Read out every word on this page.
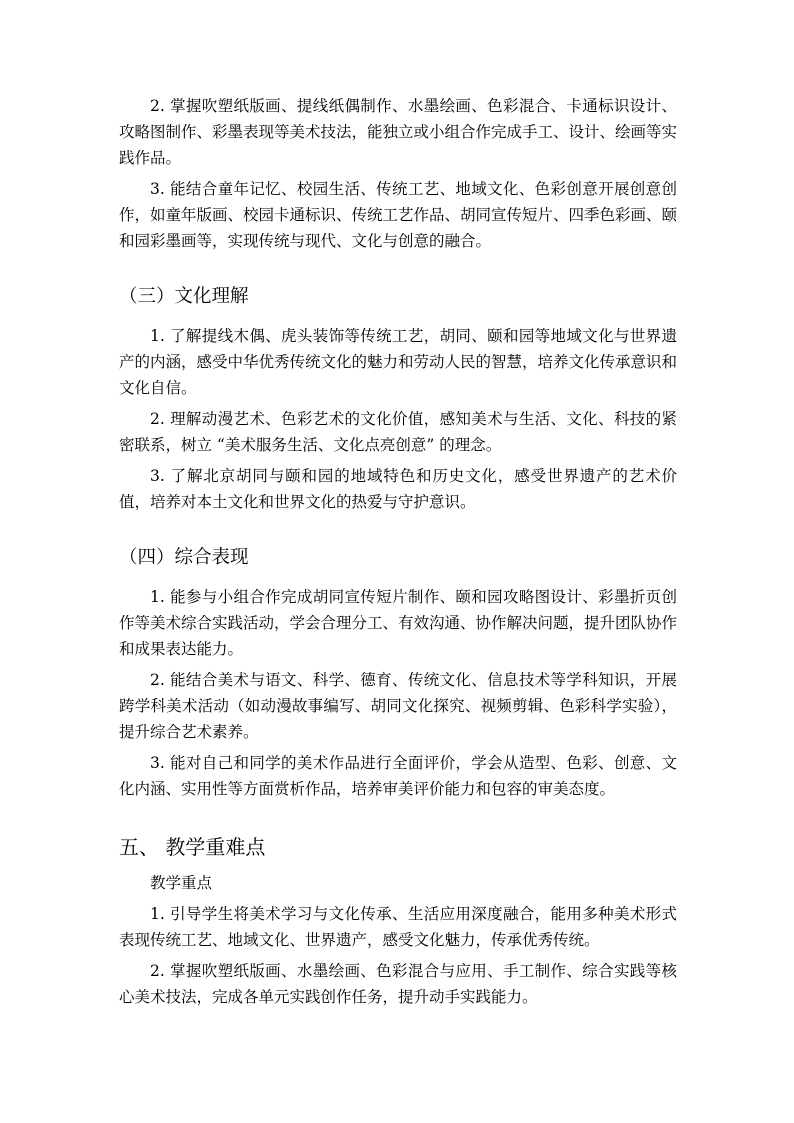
2. 掌握吹塑纸版画、提线纸偶制作、水墨绘画、色彩混合、卡通标识设计、攻略图制作、彩墨表现等美术技法，能独立或小组合作完成手工、设计、绘画等实践作品。

3. 能结合童年记忆、校园生活、传统工艺、地域文化、色彩创意开展创意创作，如童年版画、校园卡通标识、传统工艺作品、胡同宣传短片、四季色彩画、颐和园彩墨画等，实现传统与现代、文化与创意的融合。

（三）文化理解

1. 了解提线木偶、虎头装饰等传统工艺，胡同、颐和园等地域文化与世界遗产的内涵，感受中华优秀传统文化的魅力和劳动人民的智慧，培养文化传承意识和文化自信。

2. 理解动漫艺术、色彩艺术的文化价值，感知美术与生活、文化、科技的紧密联系，树立 “美术服务生活、文化点亮创意” 的理念。

3. 了解北京胡同与颐和园的地域特色和历史文化，感受世界遗产的艺术价值，培养对本土文化和世界文化的热爱与守护意识。

（四）综合表现

1. 能参与小组合作完成胡同宣传短片制作、颐和园攻略图设计、彩墨折页创作等美术综合实践活动，学会合理分工、有效沟通、协作解决问题，提升团队协作和成果表达能力。

2. 能结合美术与语文、科学、德育、传统文化、信息技术等学科知识，开展跨学科美术活动（如动漫故事编写、胡同文化探究、视频剪辑、色彩科学实验），提升综合艺术素养。

3. 能对自己和同学的美术作品进行全面评价，学会从造型、色彩、创意、文化内涵、实用性等方面赏析作品，培养审美评价能力和包容的审美态度。

五、 教学重难点

教学重点

1. 引导学生将美术学习与文化传承、生活应用深度融合，能用多种美术形式表现传统工艺、地域文化、世界遗产，感受文化魅力，传承优秀传统。

2. 掌握吹塑纸版画、水墨绘画、色彩混合与应用、手工制作、综合实践等核心美术技法，完成各单元实践创作任务，提升动手实践能力。
